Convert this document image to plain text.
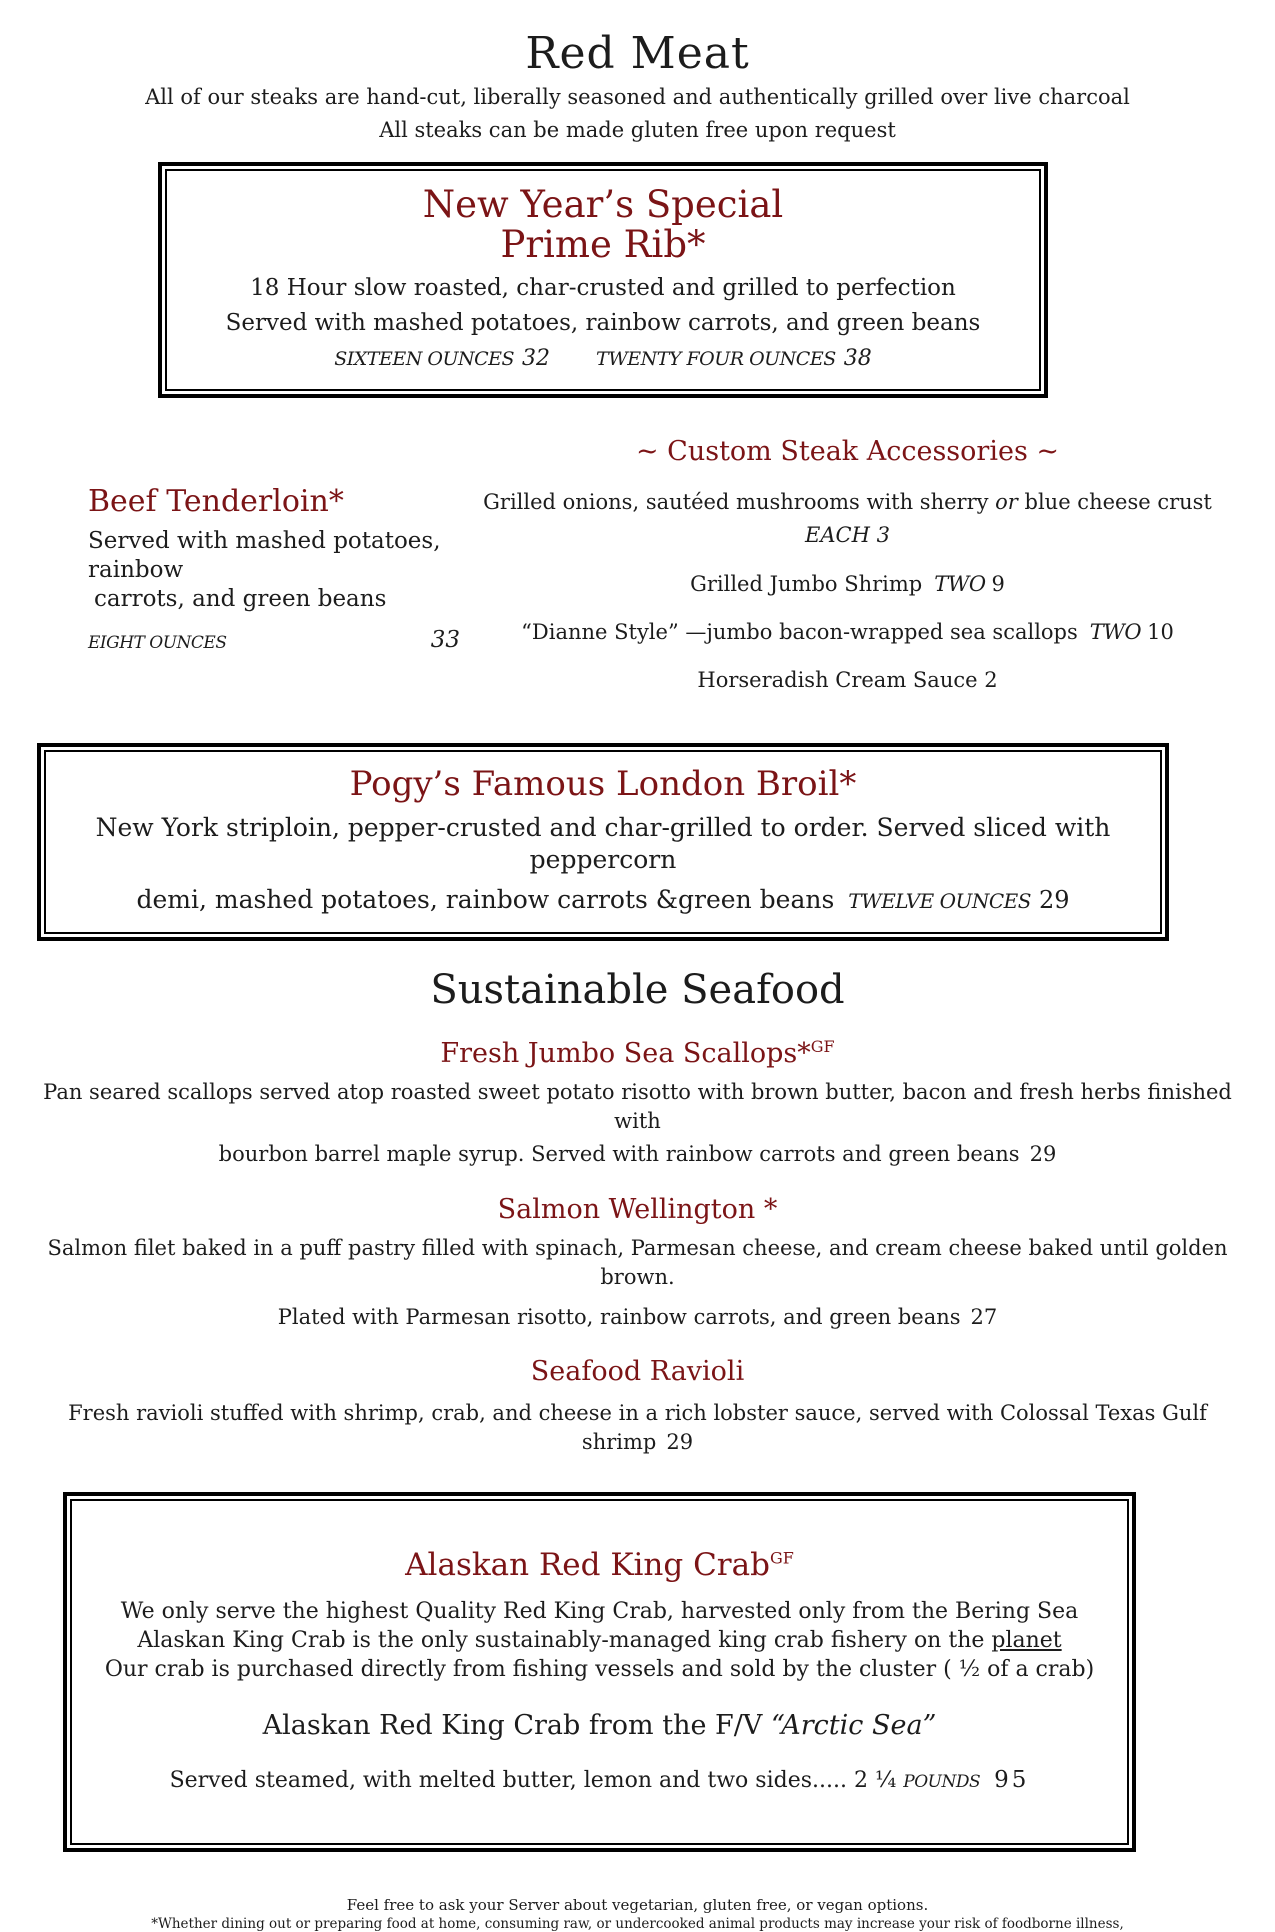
Red Meat

All of our steaks are hand-cut, liberally seasoned and authentically grilled over live charcoal

All steaks can be made gluten free upon request

New Year’s Special
Prime Rib*

18 Hour slow roasted, char-crusted and grilled to perfection

Served with mashed potatoes, rainbow carrots, and green beans

SIXTEEN OUNCES 32 TWENTY FOUR OUNCES 38

Beef Tenderloin*

Served with mashed potatoes, rainbow

carrots, and green beans

EIGHT OUNCES	33
~ Custom Steak Accessories ~

Grilled onions, sautéed mushrooms with sherry or blue cheese crust

EACH 3

Grilled Jumbo Shrimp TWO 9

“Dianne Style” —jumbo bacon-wrapped sea scallops TWO 10

Horseradish Cream Sauce 2

Pogy’s Famous London Broil*

New York striploin, pepper-crusted and char-grilled to order. Served sliced with peppercorn

demi, mashed potatoes, rainbow carrots &green beans TWELVE OUNCES 29

Sustainable Seafood
Fresh Jumbo Sea Scallops*$^{GF}$

Pan seared scallops served atop roasted sweet potato risotto with brown butter, bacon and fresh herbs finished with

bourbon barrel maple syrup. Served with rainbow carrots and green beans 29

Salmon Wellington *

Salmon filet baked in a puff pastry filled with spinach, Parmesan cheese, and cream cheese baked until golden brown.

Plated with Parmesan risotto, rainbow carrots, and green beans 27

Seafood Ravioli

Fresh ravioli stuffed with shrimp, crab, and cheese in a rich lobster sauce, served with Colossal Texas Gulf shrimp 29

Alaskan Red King Crab$^{GF}$

We only serve the highest Quality Red King Crab, harvested only from the Bering Sea

Alaskan King Crab is the only sustainably-managed king crab fishery on the planet

Our crab is purchased directly from fishing vessels and sold by the cluster ( ½ of a crab)

Alaskan Red King Crab from the F/V “Arctic Sea”

Served steamed, with melted butter, lemon and two sides..... 2 ¼ POUNDS 95

Feel free to ask your Server about vegetarian, gluten free, or vegan options.

*Whether dining out or preparing food at home, consuming raw, or undercooked animal products may increase your risk of foodborne illness,
